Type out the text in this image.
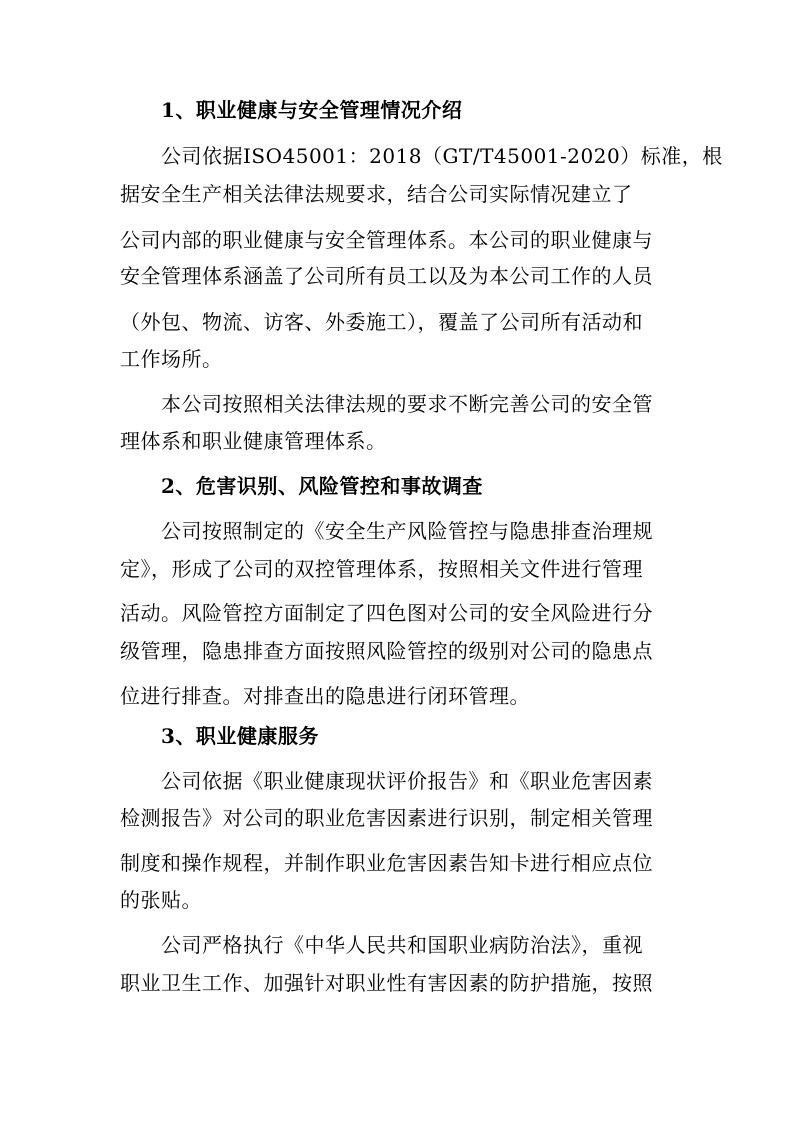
1、职业健康与安全管理情况介绍
公司依据ISO45001：2018（GT/T45001-2020）标准，根
据安全生产相关法律法规要求，结合公司实际情况建立了
公司内部的职业健康与安全管理体系。本公司的职业健康与
安全管理体系涵盖了公司所有员工以及为本公司工作的人员
（外包、物流、访客、外委施工），覆盖了公司所有活动和
工作场所。
本公司按照相关法律法规的要求不断完善公司的安全管
理体系和职业健康管理体系。
2、危害识别、风险管控和事故调查
公司按照制定的《安全生产风险管控与隐患排查治理规
定》，形成了公司的双控管理体系，按照相关文件进行管理
活动。风险管控方面制定了四色图对公司的安全风险进行分
级管理，隐患排查方面按照风险管控的级别对公司的隐患点
位进行排查。对排查出的隐患进行闭环管理。
3、职业健康服务
公司依据《职业健康现状评价报告》和《职业危害因素
检测报告》对公司的职业危害因素进行识别，制定相关管理
制度和操作规程，并制作职业危害因素告知卡进行相应点位
的张贴。
公司严格执行《中华人民共和国职业病防治法》，重视
职业卫生工作、加强针对职业性有害因素的防护措施，按照
